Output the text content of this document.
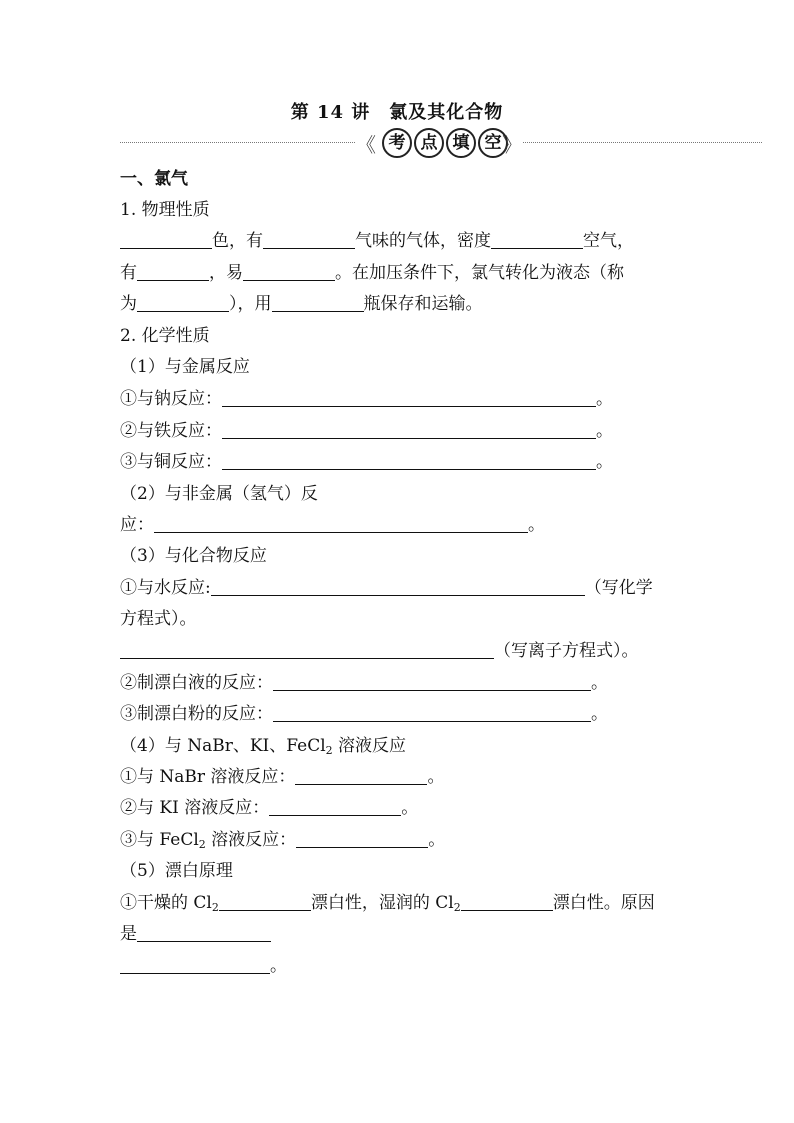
第 14 讲　氯及其化合物
《 考 点 填 空 》
一、氯气
1. 物理性质
色，有	气味的气体，密度	空气，
有	，易	。在加压条件下，氯气转化为液态（称
为	），用	瓶保存和运输。
2. 化学性质
（1）与金属反应
①与钠反应：	。
②与铁反应：	。
③与铜反应：	。
（2）与非金属（氢气）反
应：	。
（3）与化合物反应
①与水反应:	（写化学
方程式）。
（写离子方程式）。
②制漂白液的反应：	。
③制漂白粉的反应：	。
（4）与 NaBr、KI、FeCl$_2$ 溶液反应
①与 NaBr 溶液反应：	。
②与 KI 溶液反应：	。
③与 FeCl$_2$ 溶液反应：	。
（5）漂白原理
①干燥的 $Cl_2$	漂白性，湿润的 $Cl_2$	漂白性。原因
是
。
